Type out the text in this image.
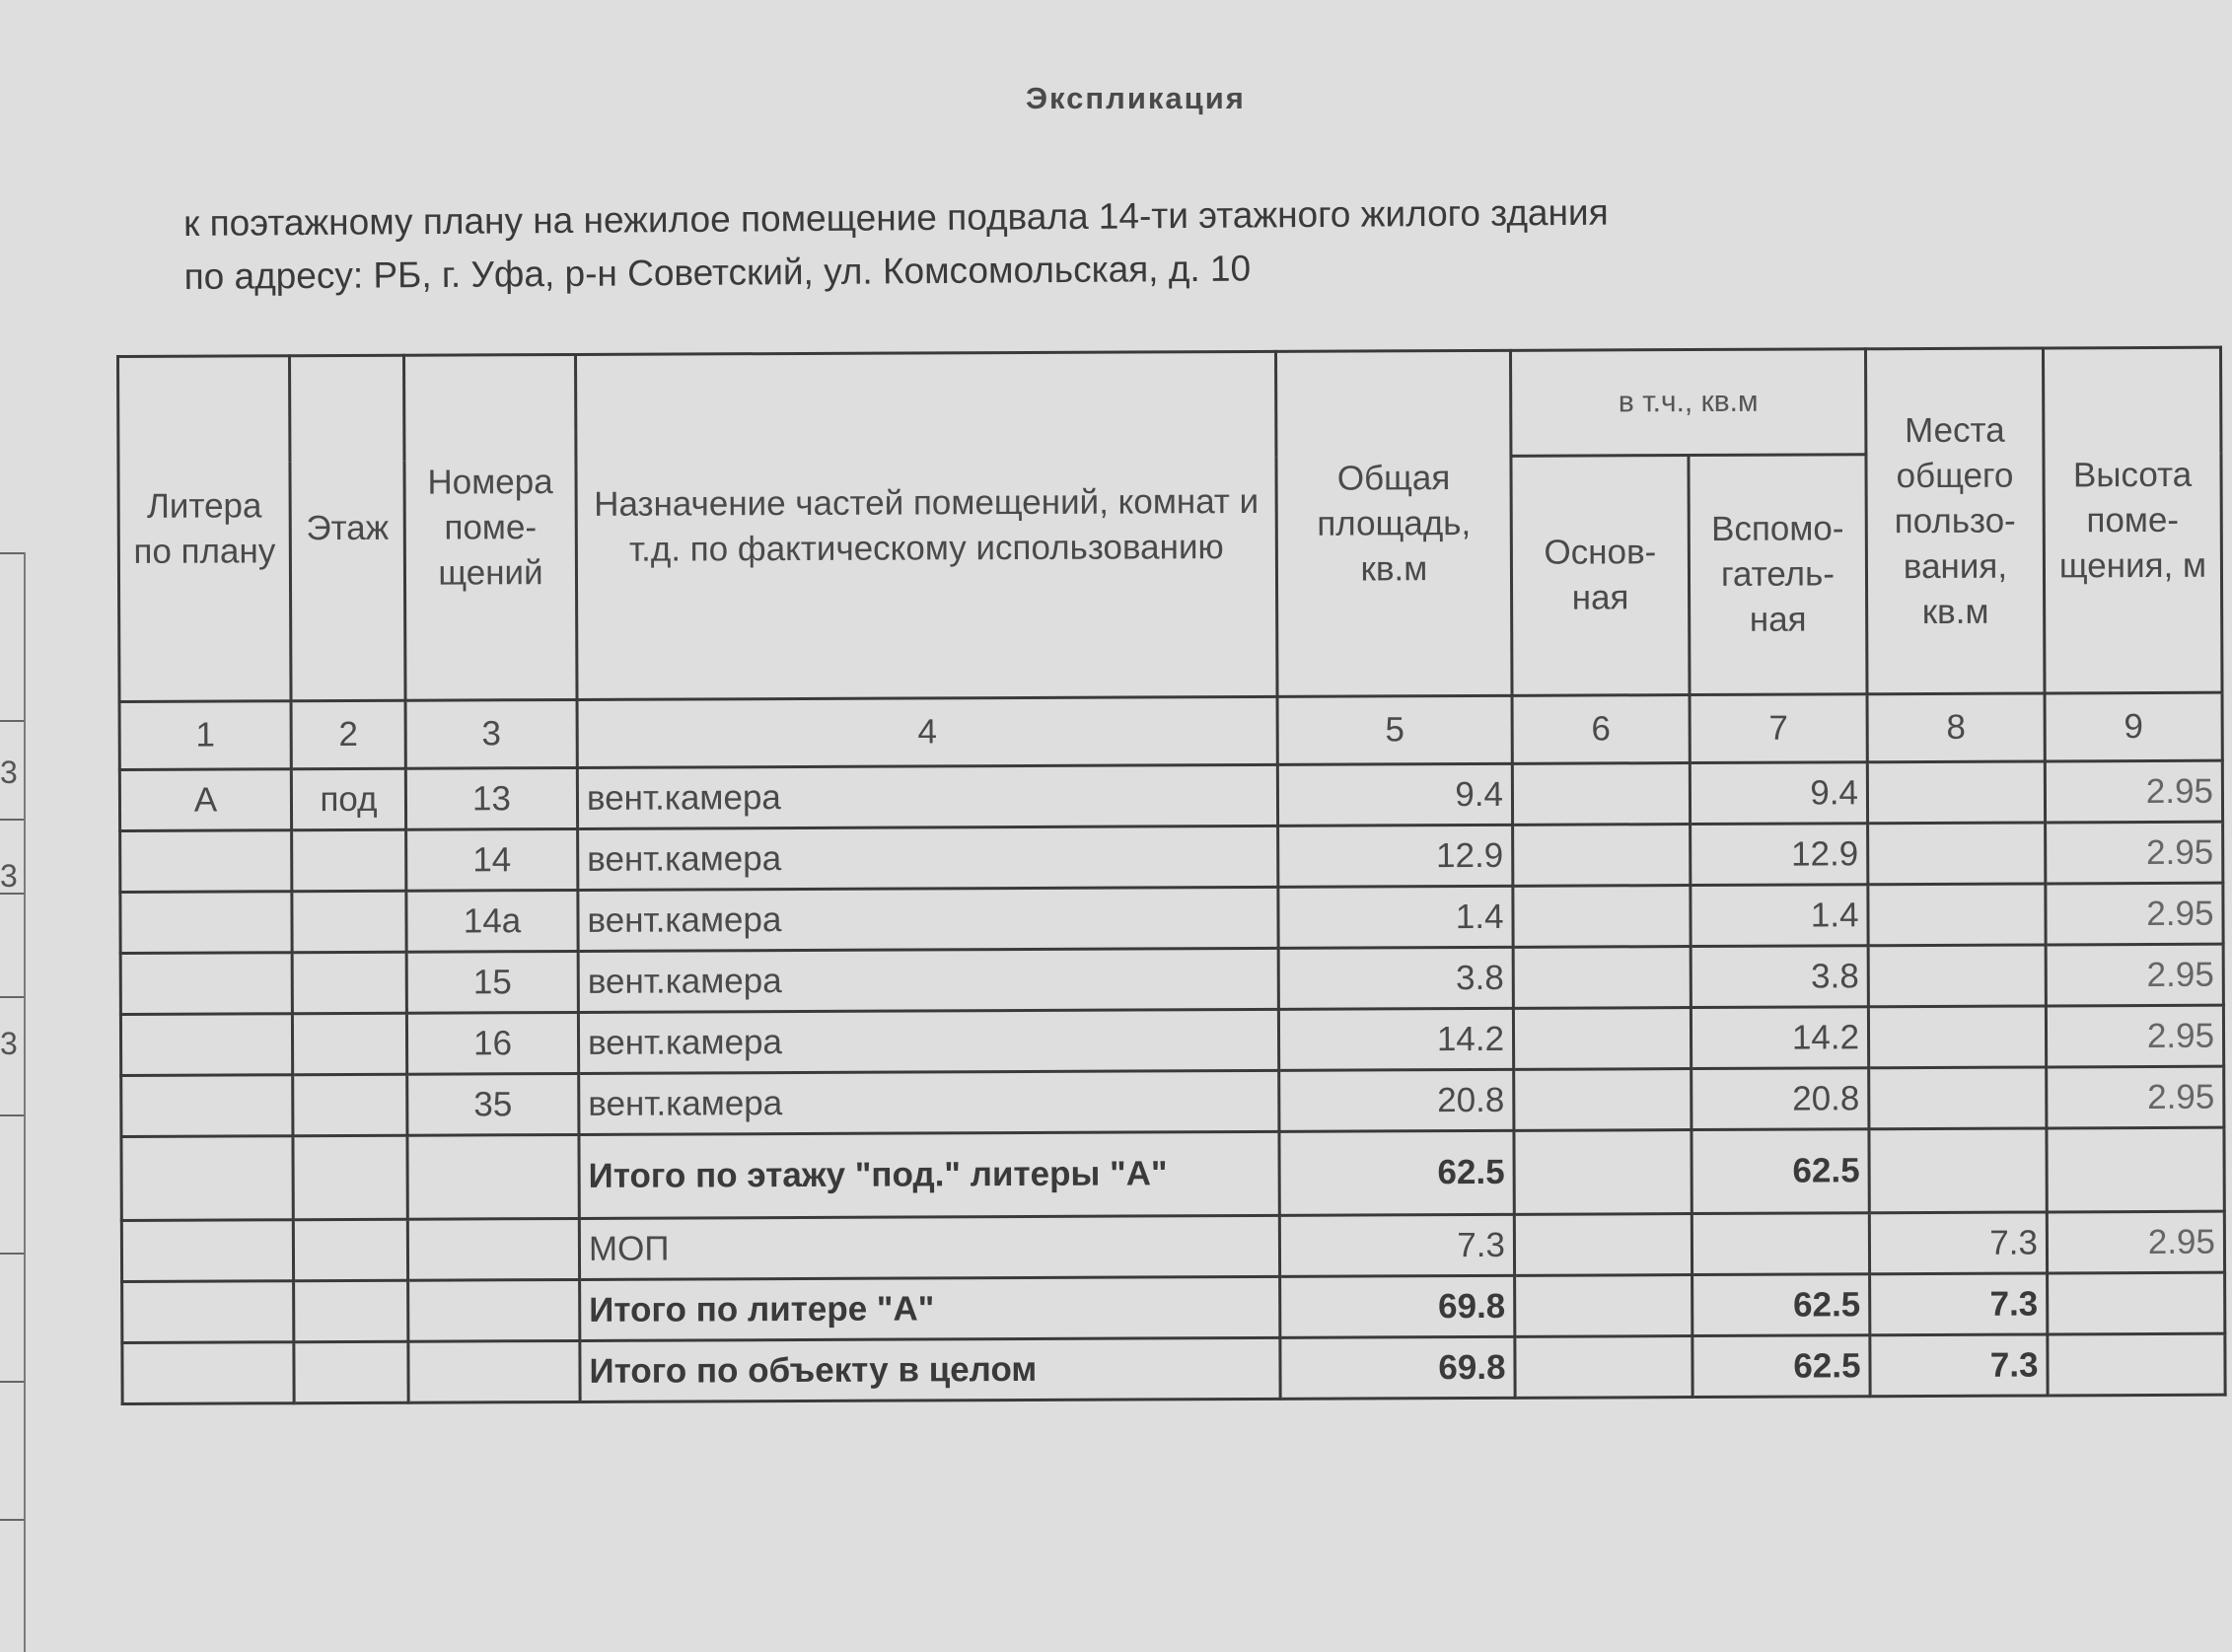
Экспликация
к поэтажному плану на нежилое помещение подвала 14-ти этажного жилого здания
по адресу: РБ, г. Уфа, р-н Советский, ул. Комсомольская, д. 10
3
3
3
Литера по плану	Этаж	Номера поме-щений	Назначение частей помещений, комнат и т.д. по фактическому использованию	Общая площадь, кв.м	в т.ч., кв.м		Места общего пользо-вания, кв.м	Высота поме-щения, м
					Основ-ная	Вспомо-гатель-ная		
1	2	3	4	5	6	7	8	9
А	под	13	вент.камера	9.4		9.4		2.95
		14	вент.камера	12.9		12.9		2.95
		14а	вент.камера	1.4		1.4		2.95
		15	вент.камера	3.8		3.8		2.95
		16	вент.камера	14.2		14.2		2.95
		35	вент.камера	20.8		20.8		2.95
			Итого по этажу "под." литеры "А"	62.5		62.5		
			МОП	7.3			7.3	2.95
			Итого по литере "А"	69.8		62.5	7.3	
			Итого по объекту в целом	69.8		62.5	7.3	
